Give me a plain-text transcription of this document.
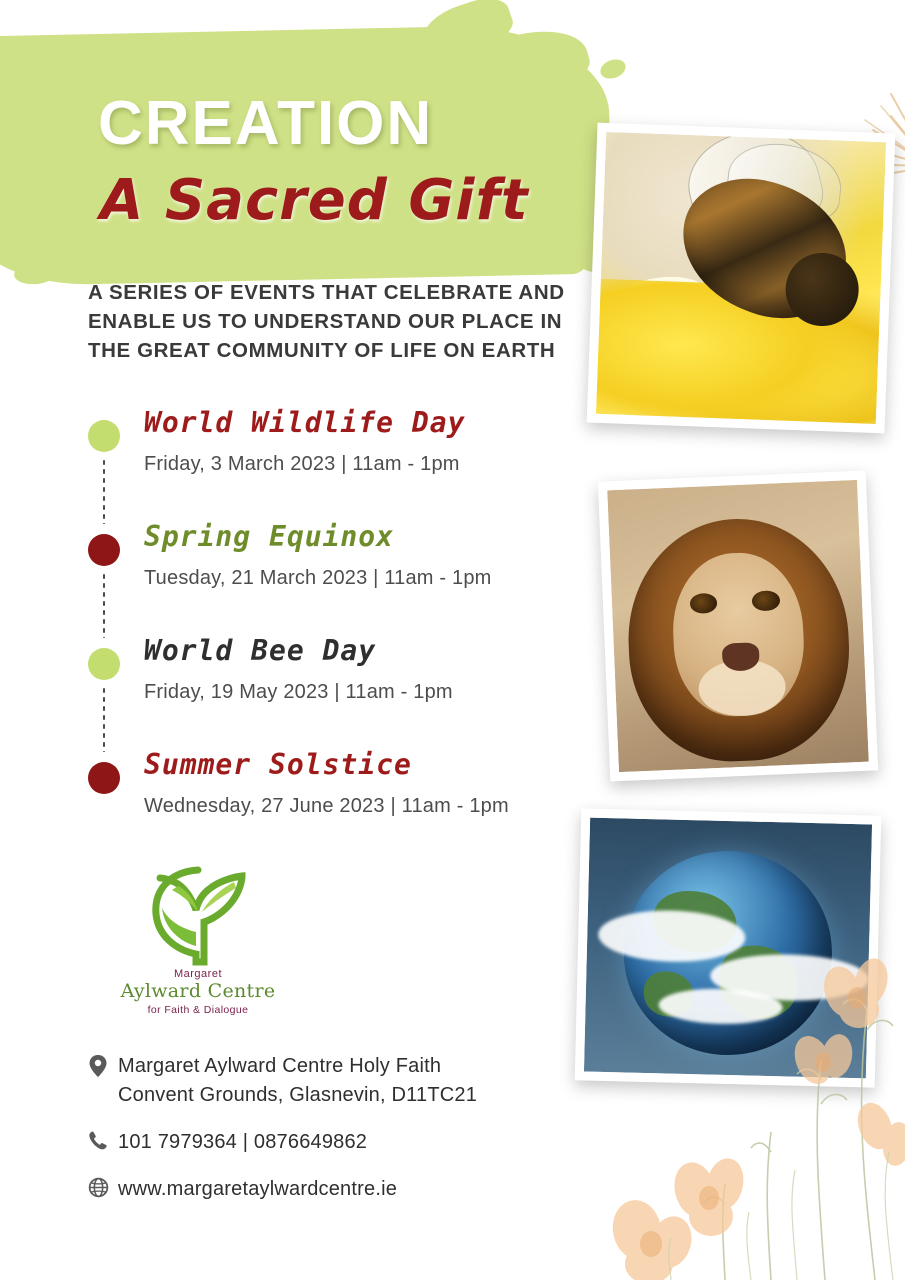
CREATION
A Sacred Gift
A SERIES OF EVENTS THAT CELEBRATE AND ENABLE US TO UNDERSTAND OUR PLACE IN THE GREAT COMMUNITY OF LIFE ON EARTH
World Wildlife Day
Friday, 3 March 2023 | 11am - 1pm
Spring Equinox
Tuesday, 21 March 2023 | 11am - 1pm
World Bee Day
Friday, 19 May 2023 | 11am - 1pm
Summer Solstice
Wednesday, 27 June 2023 | 11am - 1pm
Margaret
Aylward Centre
for Faith & Dialogue
Margaret Aylward Centre Holy Faith
Convent Grounds, Glasnevin, D11TC21
101 7979364 | 0876649862
www.margaretaylwardcentre.ie
